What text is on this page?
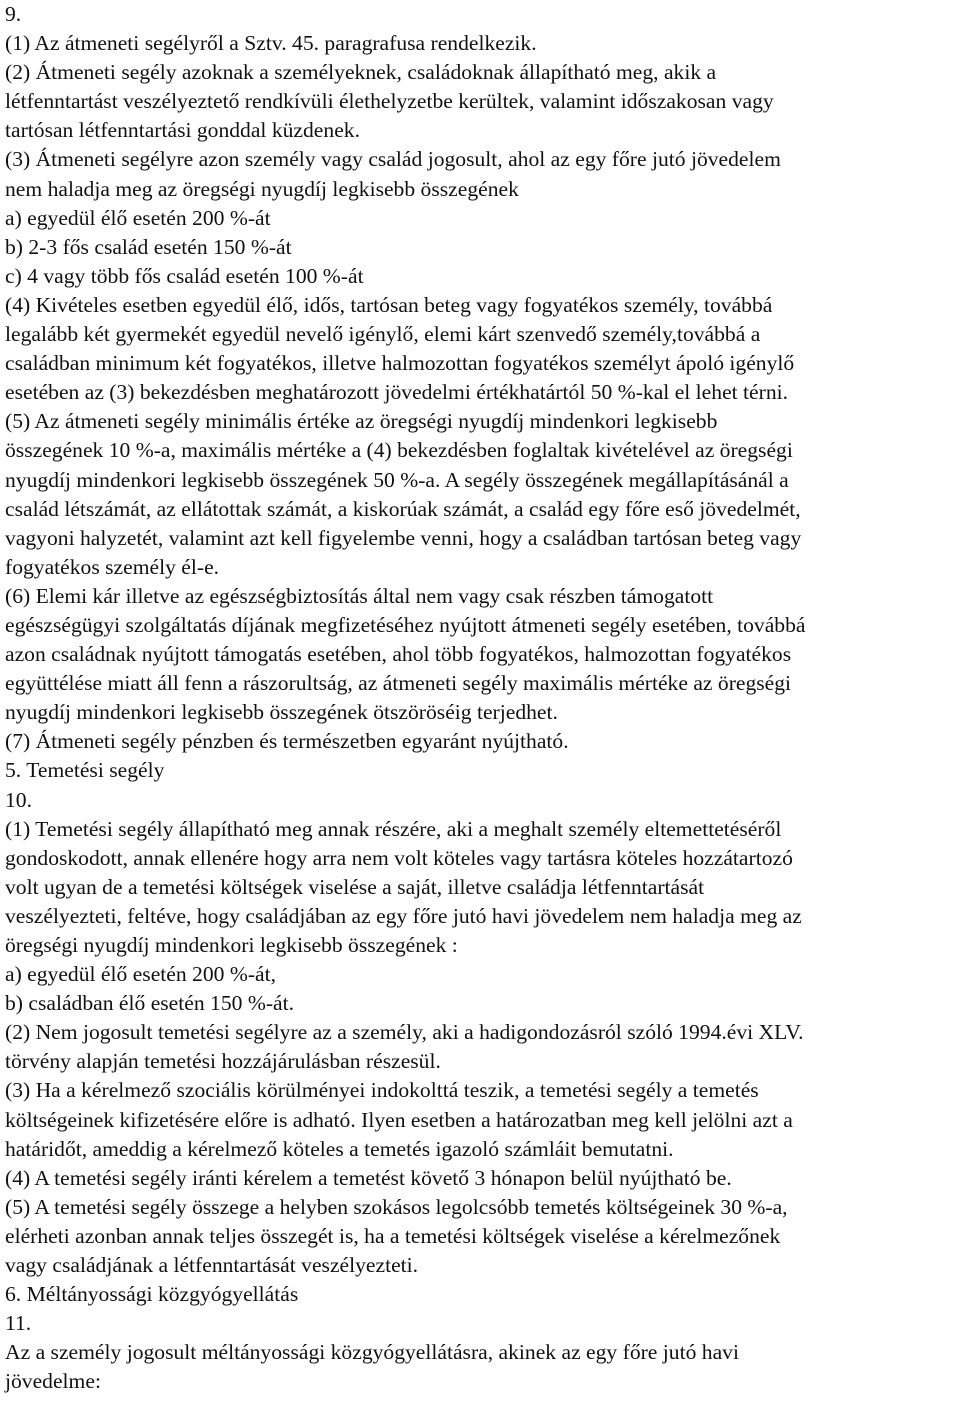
9.
(1) Az átmeneti segélyről a Sztv. 45. paragrafusa rendelkezik.
(2) Átmeneti segély azoknak a személyeknek, családoknak állapítható meg, akik a
létfenntartást veszélyeztető rendkívüli élethelyzetbe kerültek, valamint időszakosan vagy
tartósan létfenntartási gonddal küzdenek.
(3) Átmeneti segélyre azon személy vagy család jogosult, ahol az egy főre jutó jövedelem
nem haladja meg az öregségi nyugdíj legkisebb összegének
a) egyedül élő esetén 200 %-át
b) 2-3 fős család esetén 150 %-át
c) 4 vagy több fős család esetén 100 %-át
(4) Kivételes esetben egyedül élő, idős, tartósan beteg vagy fogyatékos személy, továbbá
legalább két gyermekét egyedül nevelő igénylő, elemi kárt szenvedő személy,továbbá a
családban minimum két fogyatékos, illetve halmozottan fogyatékos személyt ápoló igénylő
esetében az (3) bekezdésben meghatározott jövedelmi értékhatártól 50 %-kal el lehet térni.
(5) Az átmeneti segély minimális értéke az öregségi nyugdíj mindenkori legkisebb
összegének 10 %-a, maximális mértéke a (4) bekezdésben foglaltak kivételével az öregségi
nyugdíj mindenkori legkisebb összegének 50 %-a. A segély összegének megállapításánál a
család létszámát, az ellátottak számát, a kiskorúak számát, a család egy főre eső jövedelmét,
vagyoni halyzetét, valamint azt kell figyelembe venni, hogy a családban tartósan beteg vagy
fogyatékos személy él-e.
(6) Elemi kár illetve az egészségbiztosítás által nem vagy csak részben támogatott
egészségügyi szolgáltatás díjának megfizetéséhez nyújtott átmeneti segély esetében, továbbá
azon családnak nyújtott támogatás esetében, ahol több fogyatékos, halmozottan fogyatékos
együttélése miatt áll fenn a rászorultság, az átmeneti segély maximális mértéke az öregségi
nyugdíj mindenkori legkisebb összegének ötszöröséig terjedhet.
(7) Átmeneti segély pénzben és természetben egyaránt nyújtható.
5. Temetési segély
10.
(1) Temetési segély állapítható meg annak részére, aki a meghalt személy eltemettetéséről
gondoskodott, annak ellenére hogy arra nem volt köteles vagy tartásra köteles hozzátartozó
volt ugyan de a temetési költségek viselése a saját, illetve családja létfenntartását
veszélyezteti, feltéve, hogy családjában az egy főre jutó havi jövedelem nem haladja meg az
öregségi nyugdíj mindenkori legkisebb összegének :
a) egyedül élő esetén 200 %-át,
b) családban élő esetén 150 %-át.
(2) Nem jogosult temetési segélyre az a személy, aki a hadigondozásról szóló 1994.évi XLV.
törvény alapján temetési hozzájárulásban részesül.
(3) Ha a kérelmező szociális körülményei indokolttá teszik, a temetési segély a temetés
költségeinek kifizetésére előre is adható. Ilyen esetben a határozatban meg kell jelölni azt a
határidőt, ameddig a kérelmező köteles a temetés igazoló számláit bemutatni.
(4) A temetési segély iránti kérelem a temetést követő 3 hónapon belül nyújtható be.
(5) A temetési segély összege a helyben szokásos legolcsóbb temetés költségeinek 30 %-a,
elérheti azonban annak teljes összegét is, ha a temetési költségek viselése a kérelmezőnek
vagy családjának a létfenntartását veszélyezteti.
6. Méltányossági közgyógyellátás
11.
Az a személy jogosult méltányossági közgyógyellátásra, akinek az egy főre jutó havi
jövedelme:
